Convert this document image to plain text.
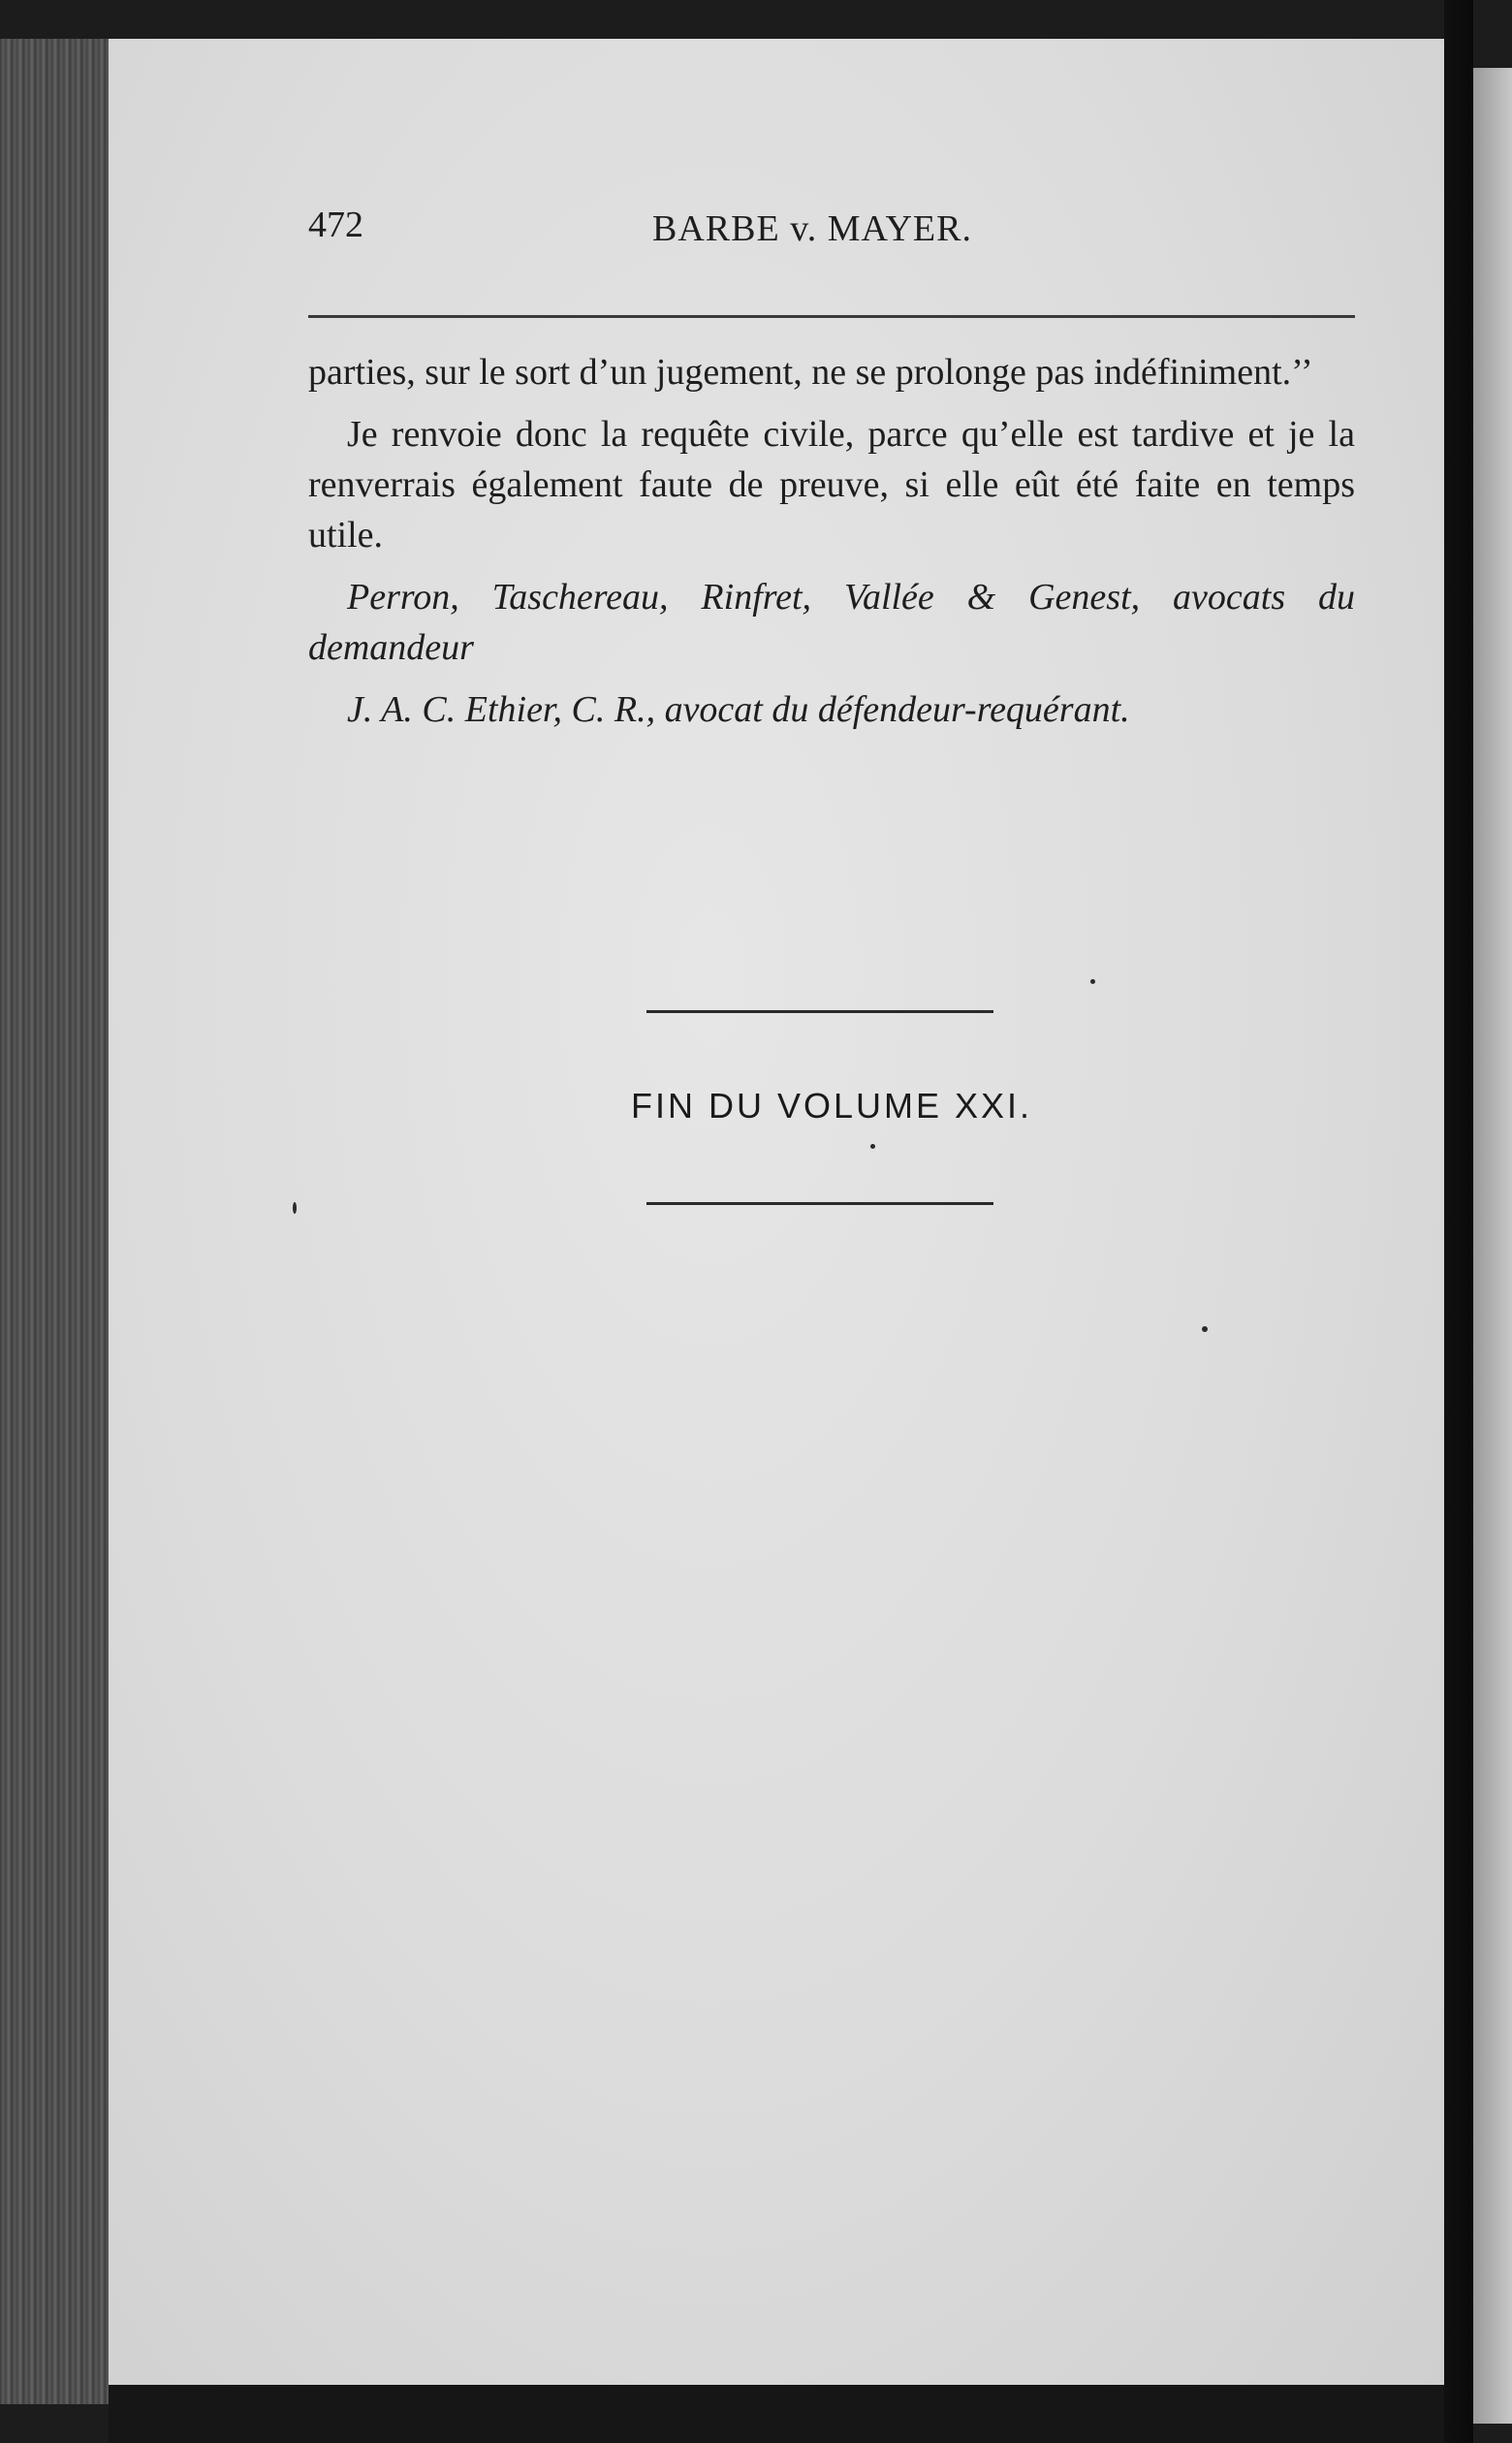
472	BARBE v. MAYER.

parties, sur le sort d’un jugement, ne se prolonge pas indéfiniment.’’

Je renvoie donc la requête civile, parce qu’elle est tardive et je la renverrais également faute de preuve, si elle eût été faite en temps utile.

Perron, Taschereau, Rinfret, Vallée & Genest, avocats du demandeur

J. A. C. Ethier, C. R., avocat du défendeur-requérant.

FIN DU VOLUME XXI.
